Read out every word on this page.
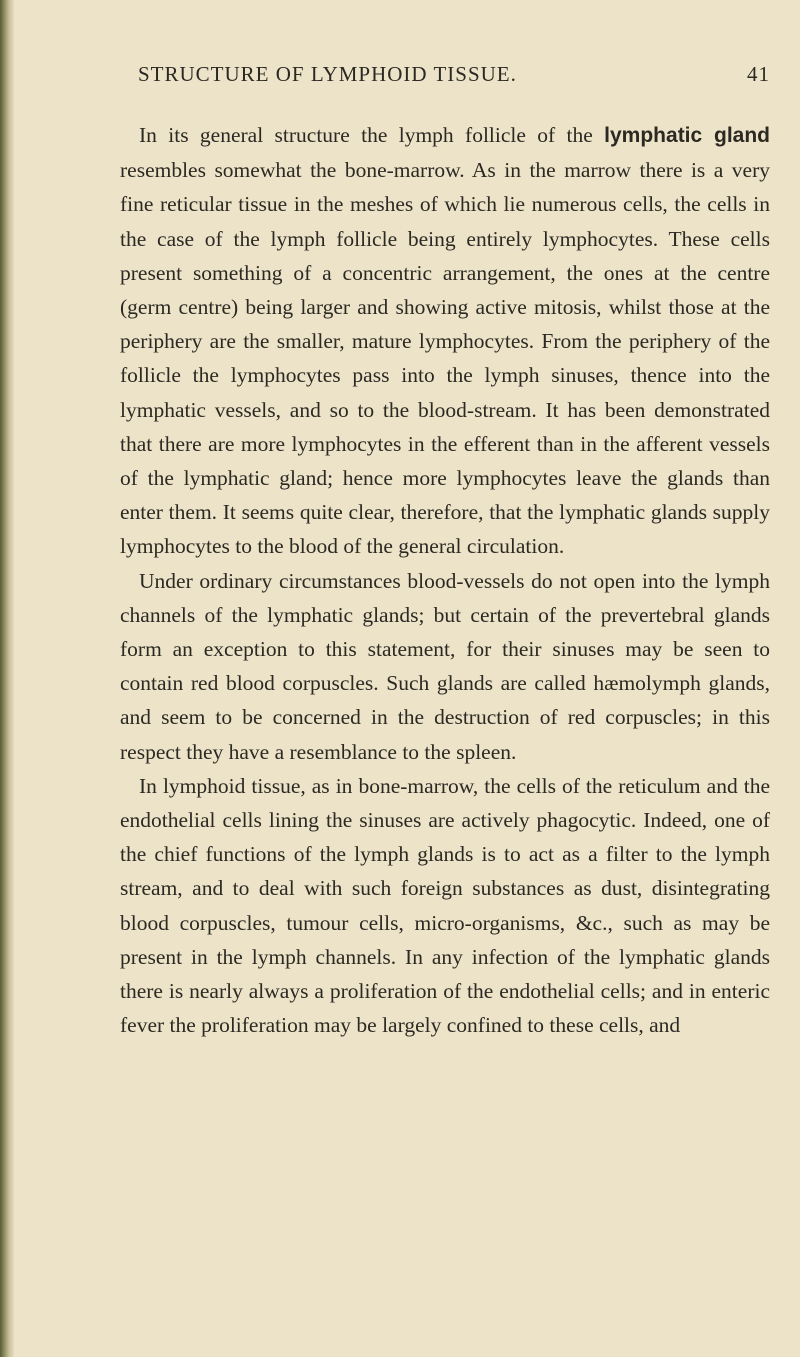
STRUCTURE OF LYMPHOID TISSUE.	41

In its general structure the lymph follicle of the lymphatic gland resembles somewhat the bone-marrow. As in the marrow there is a very fine reticular tissue in the meshes of which lie numerous cells, the cells in the case of the lymph follicle being entirely lymphocytes. These cells present something of a concentric arrangement, the ones at the centre (germ centre) being larger and showing active mitosis, whilst those at the periphery are the smaller, mature lymphocytes. From the periphery of the follicle the lymphocytes pass into the lymph sinuses, thence into the lymphatic vessels, and so to the blood-stream. It has been demonstrated that there are more lymphocytes in the efferent than in the afferent vessels of the lymphatic gland; hence more lymphocytes leave the glands than enter them. It seems quite clear, therefore, that the lymphatic glands supply lymphocytes to the blood of the general circulation.

Under ordinary circumstances blood-vessels do not open into the lymph channels of the lymphatic glands; but certain of the prevertebral glands form an exception to this statement, for their sinuses may be seen to contain red blood corpuscles. Such glands are called hæmolymph glands, and seem to be concerned in the destruction of red corpuscles; in this respect they have a resemblance to the spleen.

In lymphoid tissue, as in bone-marrow, the cells of the reticulum and the endothelial cells lining the sinuses are actively phagocytic. Indeed, one of the chief functions of the lymph glands is to act as a filter to the lymph stream, and to deal with such foreign substances as dust, disintegrating blood corpuscles, tumour cells, micro-organisms, &c., such as may be present in the lymph channels. In any infection of the lymphatic glands there is nearly always a proliferation of the endothelial cells; and in enteric fever the proliferation may be largely confined to these cells, and
